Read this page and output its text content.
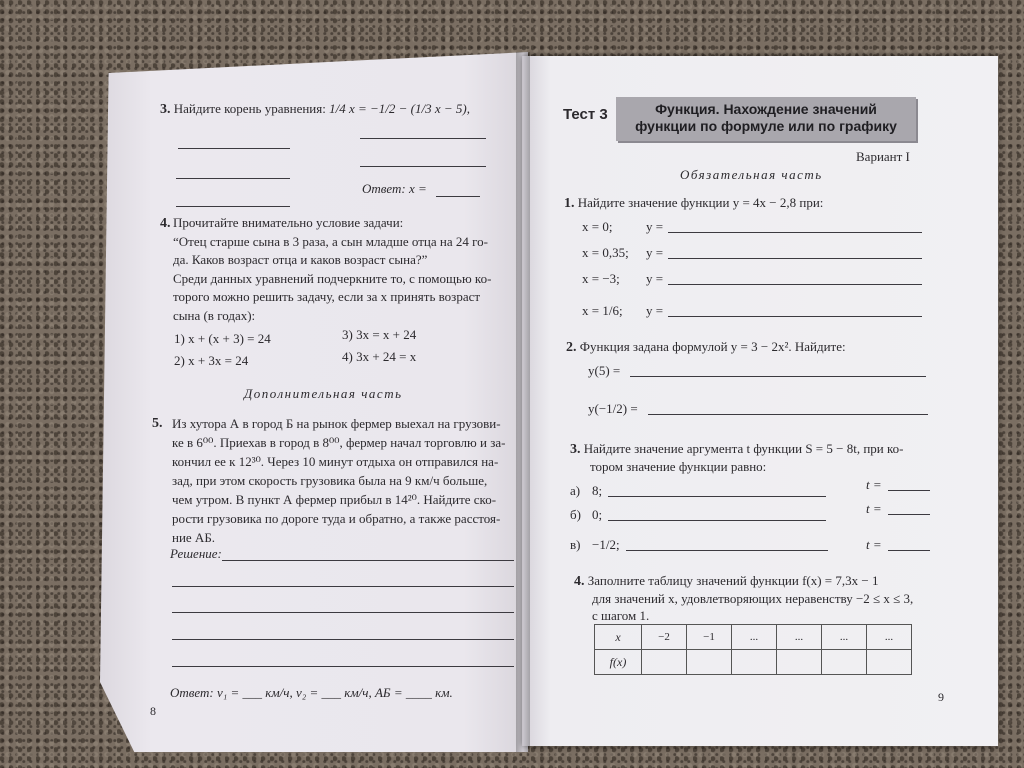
3. Найдите корень уравнения: 1/4 x = −1/2 − (1/3 x − 5),
Ответ: x =
4. Прочитайте внимательно условие задачи:
“Отец старше сына в 3 раза, а сын младше отца на 24 го-
да. Каков возраст отца и каков возраст сына?”
Среди данных уравнений подчеркните то, с помощью ко-
торого можно решить задачу, если за x принять возраст
сына (в годах):
1) x + (x + 3) = 24	3) 3x = x + 24
2) x + 3x = 24	4) 3x + 24 = x
Дополнительная часть
5. Из хутора А в город Б на рынок фермер выехал на грузови-
ке в 6⁰⁰. Приехав в город в 8⁰⁰, фермер начал торговлю и за-
кончил ее к 12³⁰. Через 10 минут отдыха он отправился на-
зад, при этом скорость грузовика была на 9 км/ч больше,
чем утром. В пункт А фермер прибыл в 14²⁰. Найдите ско-
рости грузовика по дороге туда и обратно, а также расстоя-
ние АБ.
Решение:
Ответ: v₁ = ___ км/ч, v₂ = ___ км/ч, АБ = ____ км.
8
Тест 3	Функция. Нахождение значений
функции по формуле или по графику
Вариант I
Обязательная часть
1. Найдите значение функции y = 4x − 2,8 при:
x = 0;	y =
x = 0,35; y =
x = −3; y =
x = 1/6; y =
2. Функция задана формулой y = 3 − 2x². Найдите:
y(5) =
y(−1/2) =
3. Найдите значение аргумента t функции S = 5 − 8t, при ко-
тором значение функции равно:
а) 8;	t =
б) 0;	t =
в) −1/2;	t =
4. Заполните таблицу значений функции f(x) = 7,3x − 1
для значений x, удовлетворяющих неравенству −2 ≤ x ≤ 3,
с шагом 1.
x	−2	−1	...	...	...	...
f(x)						
9
